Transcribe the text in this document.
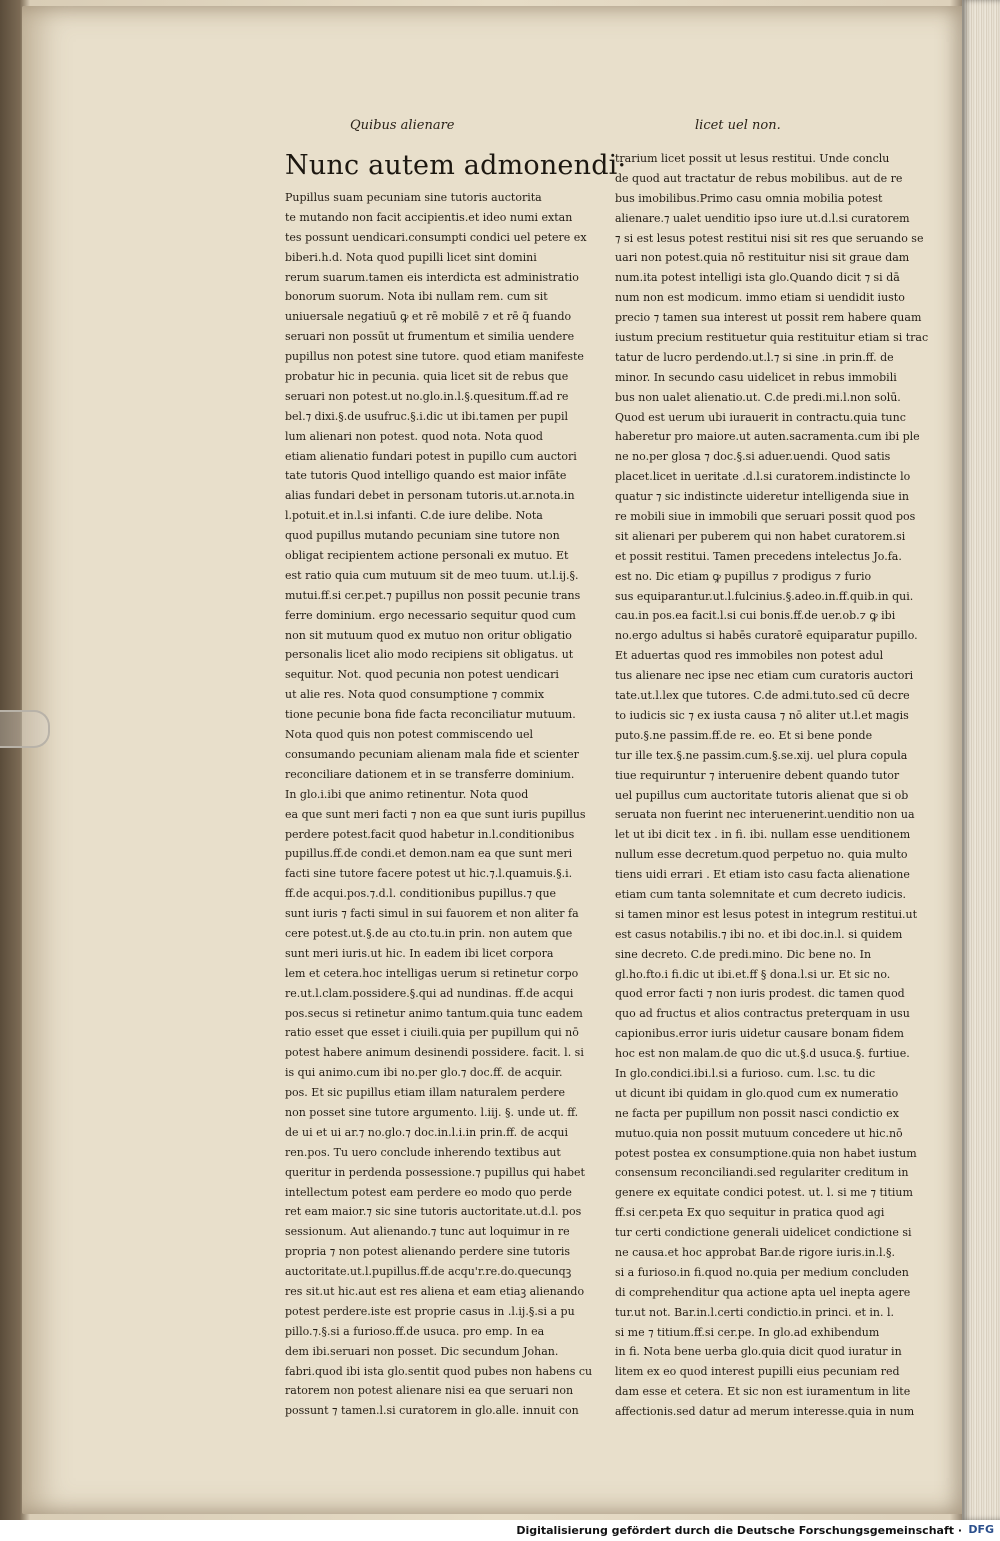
Quibus alienare	licet uel non.
Nunc autem admonendi·
Pupillus suam pecuniam sine tutoris auctorita
te mutando non facit accipientis.et ideo numi extan
tes possunt uendicari.consumpti condici uel petere ex
biberi.h.d. Nota quod pupilli licet sint domini
rerum suarum.tamen eis interdicta est administratio
bonorum suorum. Nota ibi nullam rem. cum sit
uniuersale negatiuū ꝙ et rē mobilē ⁊ et rē q̄ fuando
seruari non possūt ut frumentum et similia uendere
pupillus non potest sine tutore. quod etiam manifeste
probatur hic in pecunia. quia licet sit de rebus que
seruari non potest.ut no.glo.in.l.§.quesitum.ff.ad re
bel.⁊ dixi.§.de usufruc.§.i.dic ut ibi.tamen per pupil
lum alienari non potest. quod nota. Nota quod
etiam alienatio fundari potest in pupillo cum auctori
tate tutoris Quod intelligo quando est maior infāte
alias fundari debet in personam tutoris.ut.ar.nota.in
l.potuit.et in.l.si infanti. C.de iure delibe. Nota
quod pupillus mutando pecuniam sine tutore non
obligat recipientem actione personali ex mutuo. Et
est ratio quia cum mutuum sit de meo tuum. ut.l.ij.§.
mutui.ff.si cer.pet.⁊ pupillus non possit pecunie trans
ferre dominium. ergo necessario sequitur quod cum
non sit mutuum quod ex mutuo non oritur obligatio
personalis licet alio modo recipiens sit obligatus. ut
sequitur. Not. quod pecunia non potest uendicari
ut alie res. Nota quod consumptione ⁊ commix
tione pecunie bona fide facta reconciliatur mutuum.
Nota quod quis non potest commiscendo uel
consumando pecuniam alienam mala fide et scienter
reconciliare dationem et in se transferre dominium.
In glo.i.ibi que animo retinentur. Nota quod
ea que sunt meri facti ⁊ non ea que sunt iuris pupillus
perdere potest.facit quod habetur in.l.conditionibus
pupillus.ff.de condi.et demon.nam ea que sunt meri
facti sine tutore facere potest ut hic.⁊.l.quamuis.§.i.
ff.de acqui.pos.⁊.d.l. conditionibus pupillus.⁊ que
sunt iuris ⁊ facti simul in sui fauorem et non aliter fa
cere potest.ut.§.de au cto.tu.in prin. non autem que
sunt meri iuris.ut hic. In eadem ibi licet corpora
lem et cetera.hoc intelligas uerum si retinetur corpo
re.ut.l.clam.possidere.§.qui ad nundinas. ff.de acqui
pos.secus si retinetur animo tantum.quia tunc eadem
ratio esset que esset i ciuili.quia per pupillum qui nō
potest habere animum desinendi possidere. facit. l. si
is qui animo.cum ibi no.per glo.⁊ doc.ff. de acquir.
pos. Et sic pupillus etiam illam naturalem perdere
non posset sine tutore argumento. l.iij. §. unde ut. ff.
de ui et ui ar.⁊ no.glo.⁊ doc.in.l.i.in prin.ff. de acqui
ren.pos. Tu uero conclude inherendo textibus aut
queritur in perdenda possessione.⁊ pupillus qui habet
intellectum potest eam perdere eo modo quo perde
ret eam maior.⁊ sic sine tutoris auctoritate.ut.d.l. pos
sessionum. Aut alienando.⁊ tunc aut loquimur in re
propria ⁊ non potest alienando perdere sine tutoris
auctoritate.ut.l.pupillus.ff.de acqu'r.re.do.quecunqꝫ
res sit.ut hic.aut est res aliena et eam etiaꝫ alienando
potest perdere.iste est proprie casus in .l.ij.§.si a pu
pillo.⁊.§.si a furioso.ff.de usuca. pro emp. In ea
dem ibi.seruari non posset. Dic secundum Johan.
fabri.quod ibi ista glo.sentit quod pubes non habens cu
ratorem non potest alienare nisi ea que seruari non
possunt ⁊ tamen.l.si curatorem in glo.alle. innuit con
trarium licet possit ut lesus restitui. Unde conclu
de quod aut tractatur de rebus mobilibus. aut de re
bus imobilibus.Primo casu omnia mobilia potest
alienare.⁊ ualet uenditio ipso iure ut.d.l.si curatorem
⁊ si est lesus potest restitui nisi sit res que seruando se
uari non potest.quia nō restituitur nisi sit graue dam
num.ita potest intelligi ista glo.Quando dicit ⁊ si dā
num non est modicum. immo etiam si uendidit iusto
precio ⁊ tamen sua interest ut possit rem habere quam
iustum precium restituetur quia restituitur etiam si trac
tatur de lucro perdendo.ut.l.⁊ si sine .in prin.ff. de
minor. In secundo casu uidelicet in rebus immobili
bus non ualet alienatio.ut. C.de predi.mi.l.non solū.
Quod est uerum ubi iurauerit in contractu.quia tunc
haberetur pro maiore.ut auten.sacramenta.cum ibi ple
ne no.per glosa ⁊ doc.§.si aduer.uendi. Quod satis
placet.licet in ueritate .d.l.si curatorem.indistincte lo
quatur ⁊ sic indistincte uideretur intelligenda siue in
re mobili siue in immobili que seruari possit quod pos
sit alienari per puberem qui non habet curatorem.si
et possit restitui. Tamen precedens intelectus Jo.fa.
est no. Dic etiam ꝙ pupillus ⁊ prodigus ⁊ furio
sus equiparantur.ut.l.fulcinius.§.adeo.in.ff.quib.in qui.
cau.in pos.ea facit.l.si cui bonis.ff.de uer.ob.⁊ ꝙ ibi
no.ergo adultus si habēs curatorē equiparatur pupillo.
Et aduertas quod res immobiles non potest adul
tus alienare nec ipse nec etiam cum curatoris auctori
tate.ut.l.lex que tutores. C.de admi.tuto.sed cū decre
to iudicis sic ⁊ ex iusta causa ⁊ nō aliter ut.l.et magis
puto.§.ne passim.ff.de re. eo. Et si bene ponde
tur ille tex.§.ne passim.cum.§.se.xij. uel plura copula
tiue requiruntur ⁊ interuenire debent quando tutor
uel pupillus cum auctoritate tutoris alienat que si ob
seruata non fuerint nec interuenerint.uenditio non ua
let ut ibi dicit tex . in fi. ibi. nullam esse uenditionem
nullum esse decretum.quod perpetuo no. quia multo
tiens uidi errari . Et etiam isto casu facta alienatione
etiam cum tanta solemnitate et cum decreto iudicis.
si tamen minor est lesus potest in integrum restitui.ut
est casus notabilis.⁊ ibi no. et ibi doc.in.l. si quidem
sine decreto. C.de predi.mino. Dic bene no. In
gl.ho.fto.i fi.dic ut ibi.et.ff § dona.l.si ur. Et sic no.
quod error facti ⁊ non iuris prodest. dic tamen quod
quo ad fructus et alios contractus preterquam in usu
capionibus.error iuris uidetur causare bonam fidem
hoc est non malam.de quo dic ut.§.d usuca.§. furtiue.
In glo.condici.ibi.l.si a furioso. cum. l.sc. tu dic
ut dicunt ibi quidam in glo.quod cum ex numeratio
ne facta per pupillum non possit nasci condictio ex
mutuo.quia non possit mutuum concedere ut hic.nō
potest postea ex consumptione.quia non habet iustum
consensum reconciliandi.sed regulariter creditum in
genere ex equitate condici potest. ut. l. si me ⁊ titium
ff.si cer.peta Ex quo sequitur in pratica quod agi
tur certi condictione generali uidelicet condictione si
ne causa.et hoc approbat Bar.de rigore iuris.in.l.§.
si a furioso.in fi.quod no.quia per medium concluden
di comprehenditur qua actione apta uel inepta agere
tur.ut not. Bar.in.l.certi condictio.in princi. et in. l.
si me ⁊ titium.ff.si cer.pe. In glo.ad exhibendum
in fi. Nota bene uerba glo.quia dicit quod iuratur in
litem ex eo quod interest pupilli eius pecuniam red
dam esse et cetera. Et sic non est iuramentum in lite
affectionis.sed datur ad merum interesse.quia in num
Digitalisierung gefördert durch die Deutsche Forschungsgemeinschaft · DFG
